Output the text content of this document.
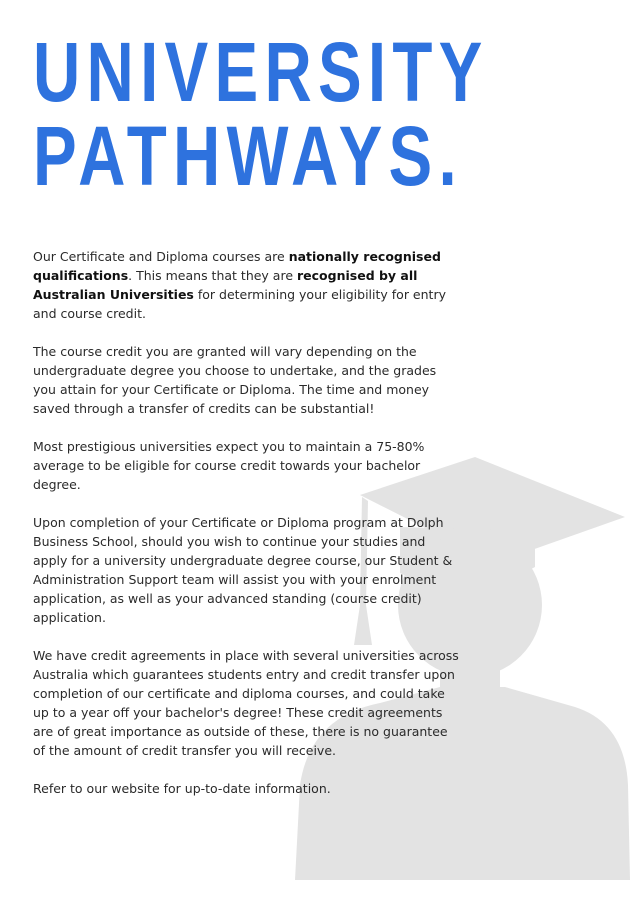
UNIVERSITY
PATHWAYS.

Our Certificate and Diploma courses are nationally recognised qualifications. This means that they are recognised by all Australian Universities for determining your eligibility for entry and course credit.

The course credit you are granted will vary depending on the undergraduate degree you choose to undertake, and the grades you attain for your Certificate or Diploma. The time and money saved through a transfer of credits can be substantial!

Most prestigious universities expect you to maintain a 75-80% average to be eligible for course credit towards your bachelor degree.

Upon completion of your Certificate or Diploma program at Dolph Business School, should you wish to continue your studies and apply for a university undergraduate degree course, our Student & Administration Support team will assist you with your enrolment application, as well as your advanced standing (course credit) application.

We have credit agreements in place with several universities across Australia which guarantees students entry and credit transfer upon completion of our certificate and diploma courses, and could take up to a year off your bachelor's degree! These credit agreements are of great importance as outside of these, there is no guarantee of the amount of credit transfer you will receive.

Refer to our website for up-to-date information.
